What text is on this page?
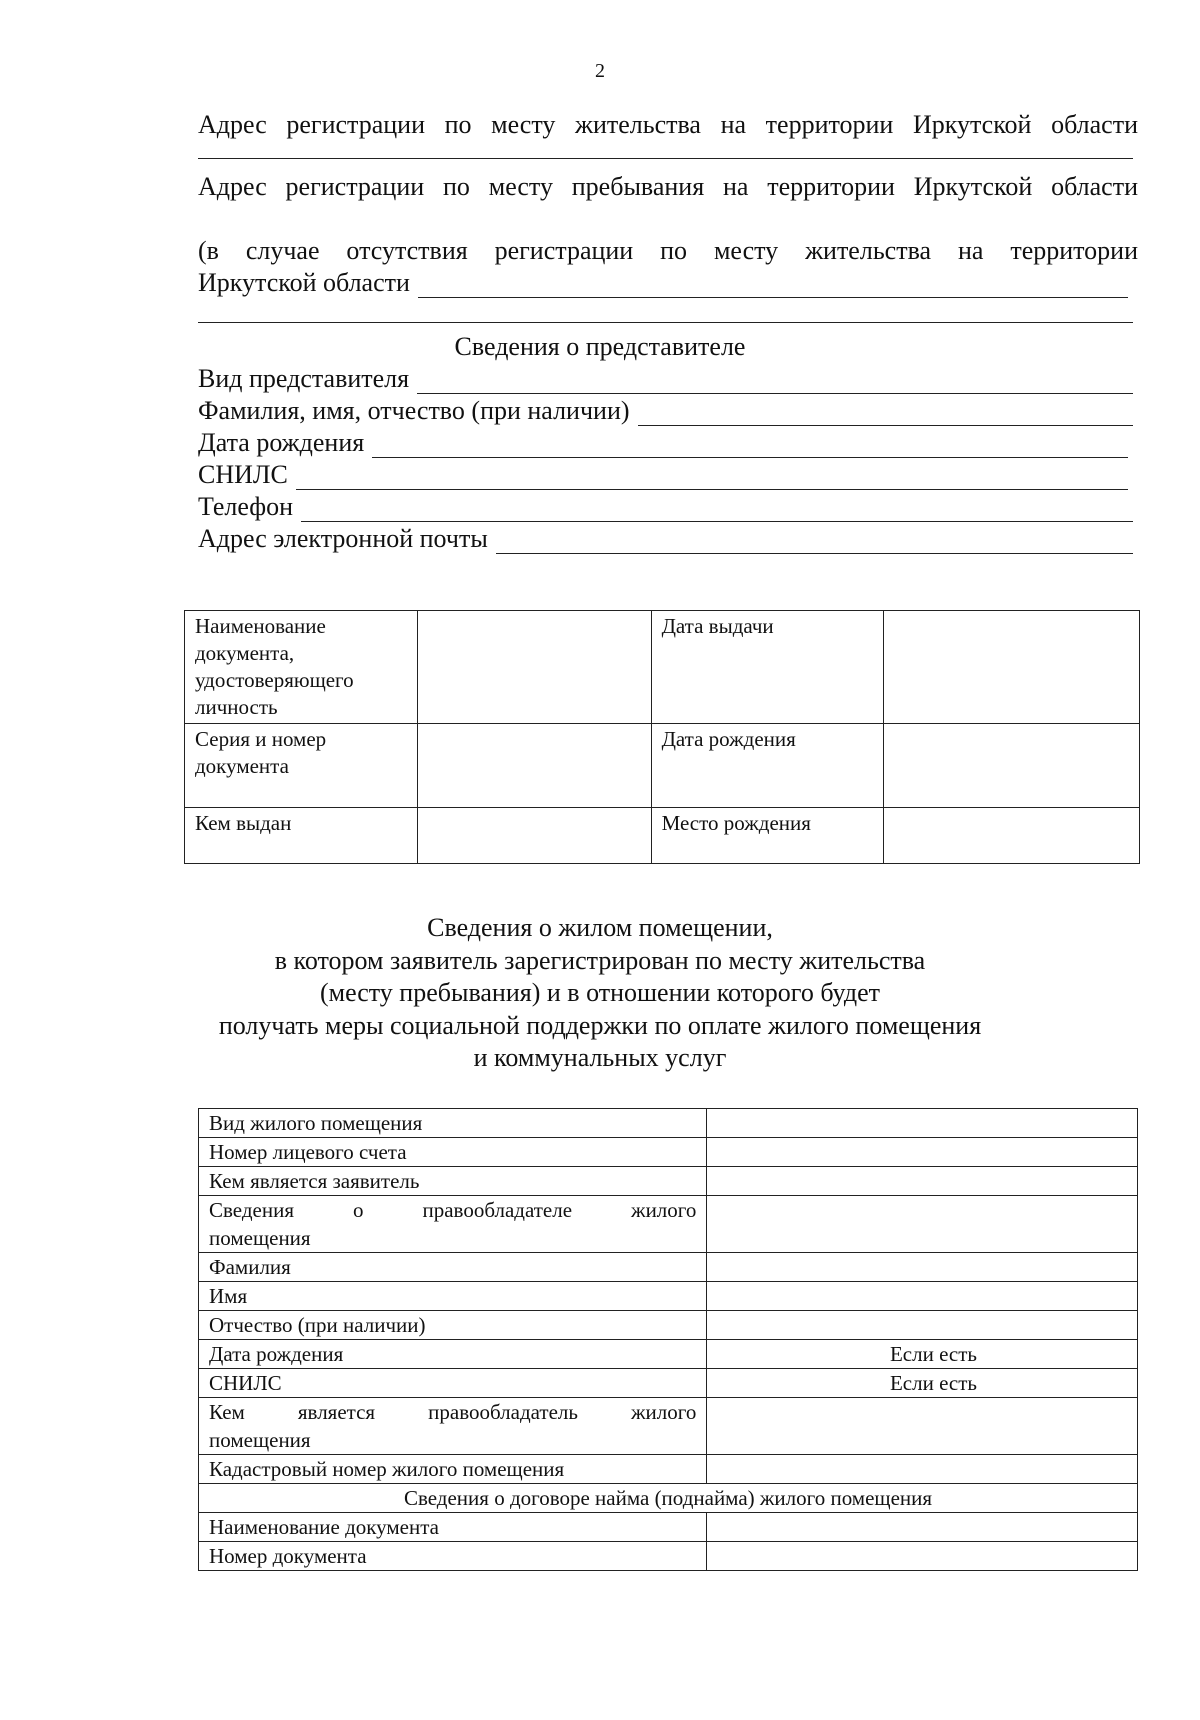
2
Адрес регистрации по месту жительства на территории Иркутской области
Адрес регистрации по месту пребывания на территории Иркутской области
(в случае отсутствия регистрации по месту жительства на территории
Иркутской области
Сведения о представителе
Вид представителя
Фамилия, имя, отчество (при наличии)
Дата рождения
СНИЛС
Телефон
Адрес электронной почты
Наименование
документа,
удостоверяющего
личность		Дата выдачи	

Серия и номер
документа		Дата рождения	
Кем выдан		Место рождения	
Сведения о жилом помещении,
в котором заявитель зарегистрирован по месту жительства
(месту пребывания) и в отношении которого будет
получать меры социальной поддержки по оплате жилого помещения
и коммунальных услуг
Вид жилого помещения	
Номер лицевого счета	
Кем является заявитель	

Сведения о правообладателе жилого
помещения	
Фамилия	
Имя	
Отчество (при наличии)	
Дата рождения	Если есть
СНИЛС	Если есть

Кем является правообладатель жилого
помещения	
Кадастровый номер жилого помещения	
Сведения о договоре найма (поднайма) жилого помещения	
Наименование документа	
Номер документа	
